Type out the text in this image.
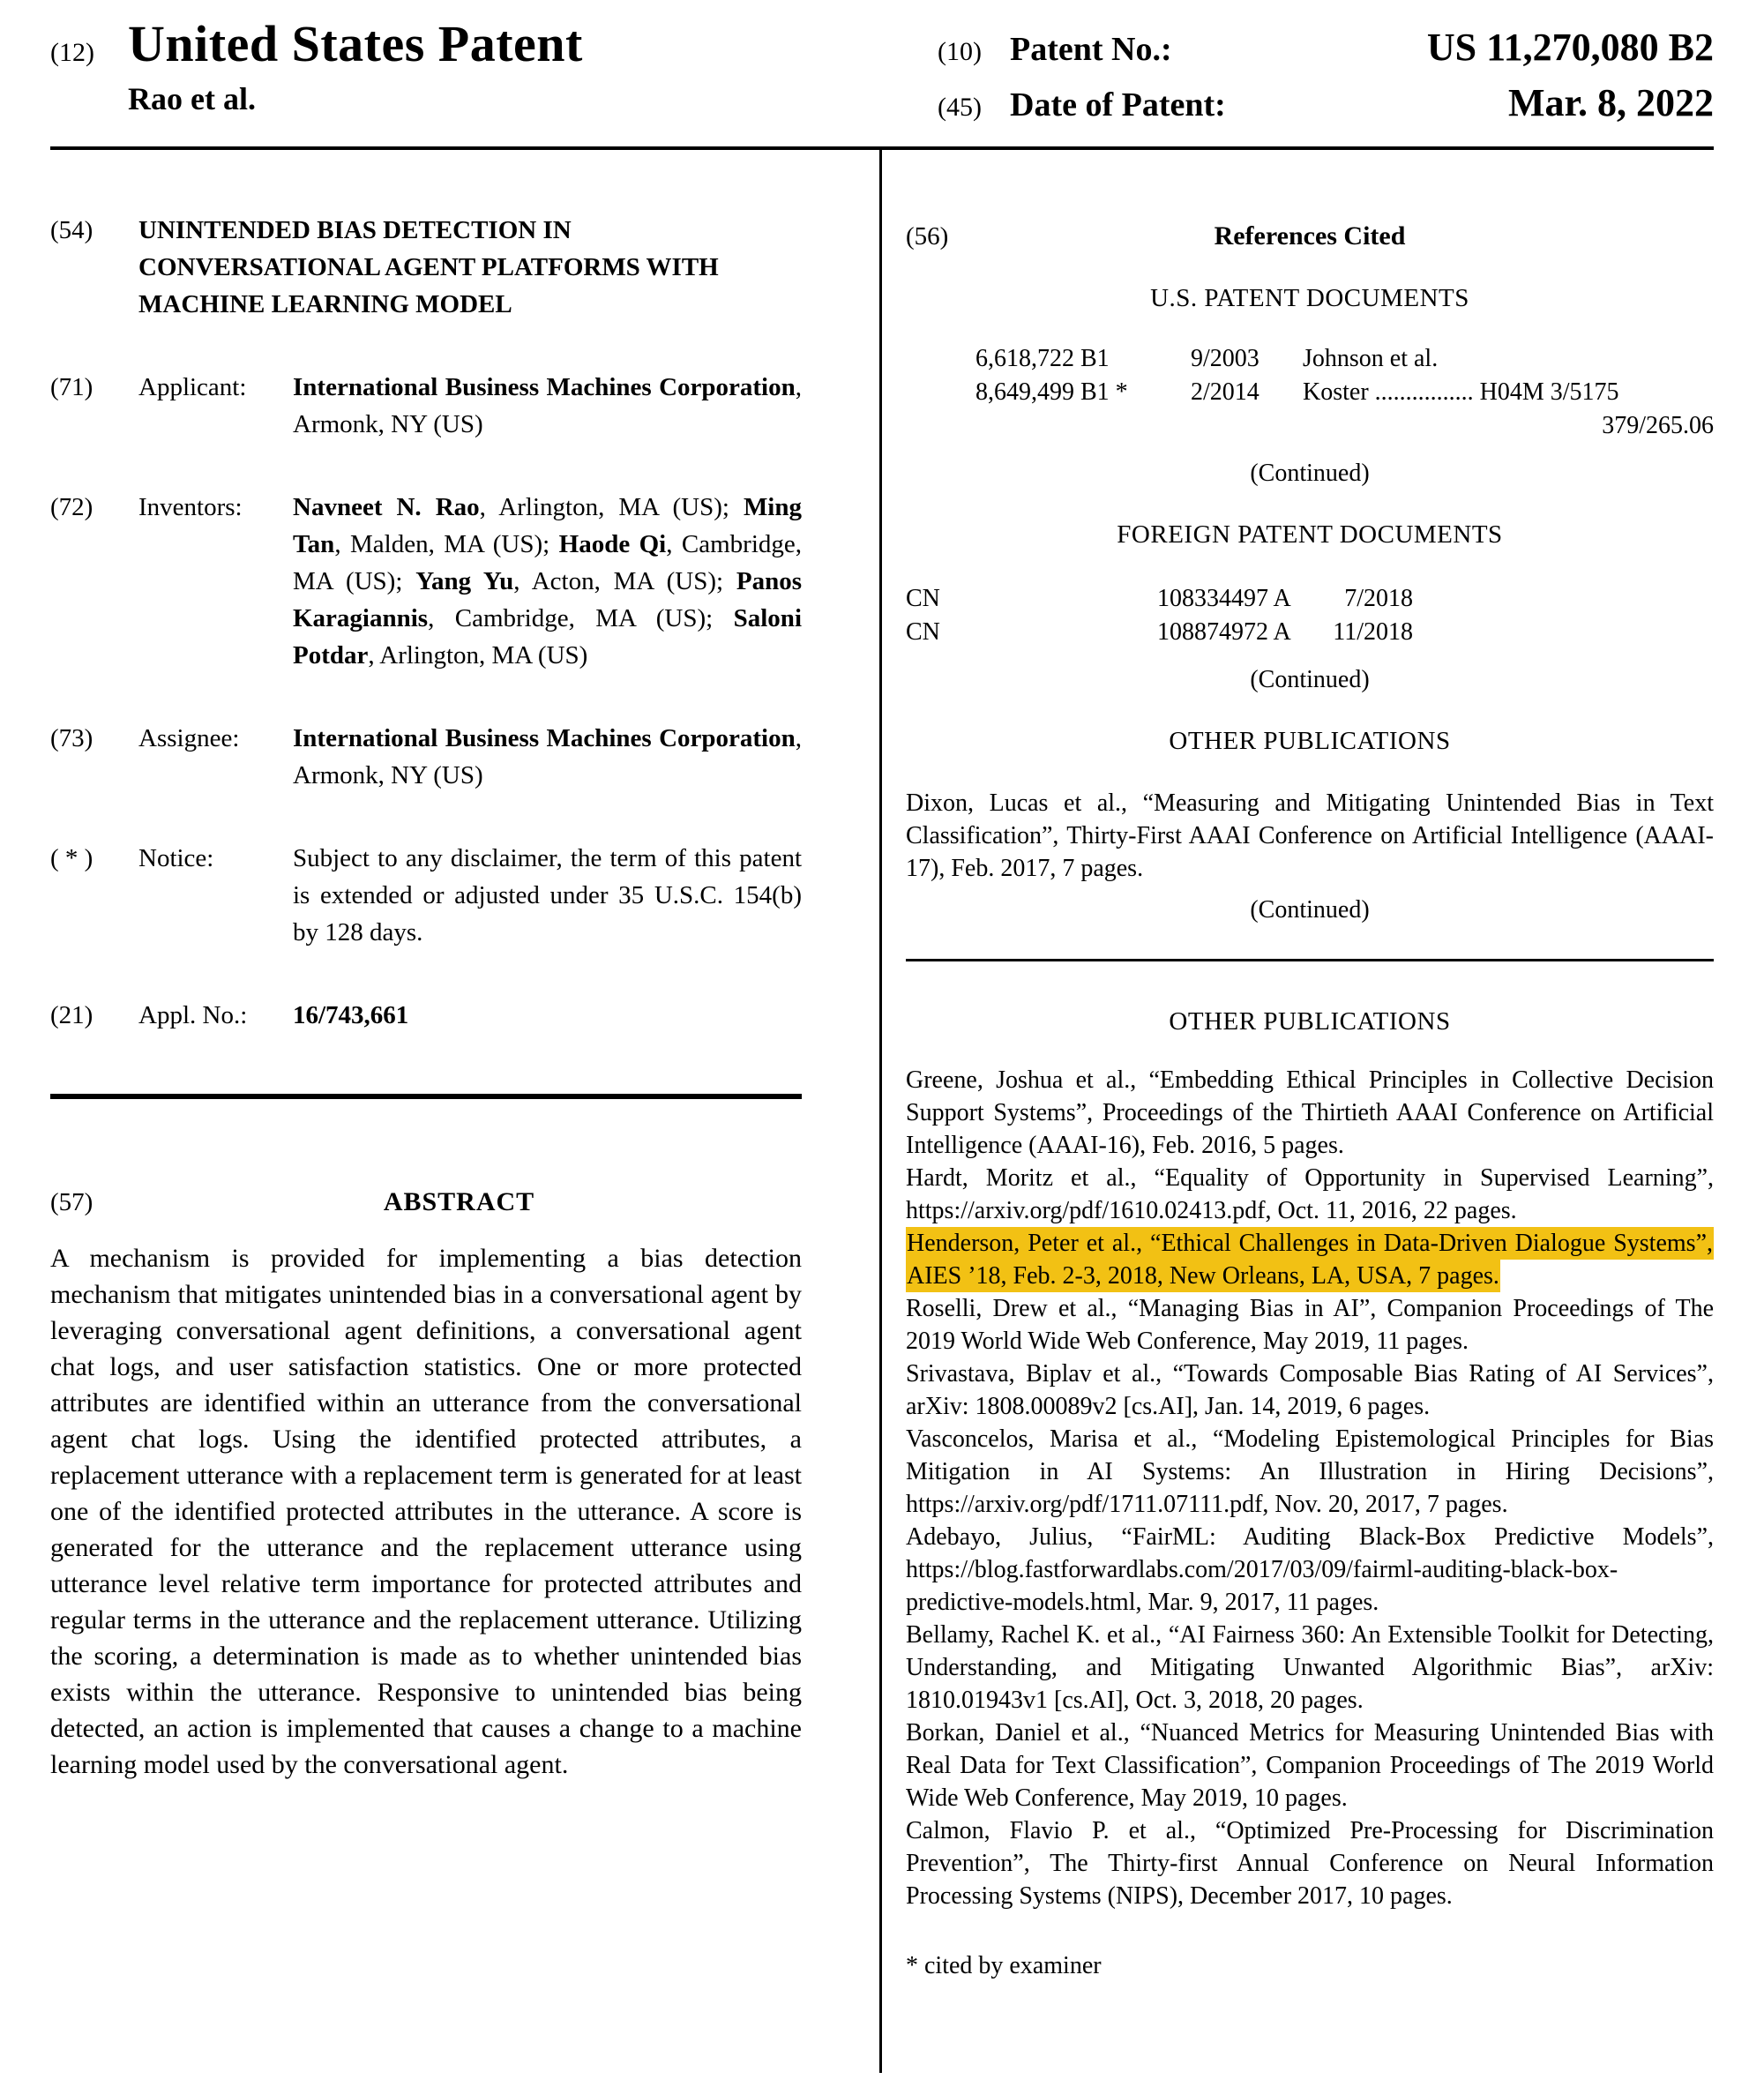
(12) United States Patent
Rao et al.
(10) Patent No.:	US 11,270,080 B2
(45) Date of Patent:	Mar. 8, 2022
(54)	UNINTENDED BIAS DETECTION IN CONVERSATIONAL AGENT PLATFORMS WITH MACHINE LEARNING MODEL
(71)	Applicant:	International Business Machines Corporation, Armonk, NY (US)
(72)	Inventors:	Navneet N. Rao, Arlington, MA (US); Ming Tan, Malden, MA (US); Haode Qi, Cambridge, MA (US); Yang Yu, Acton, MA (US); Panos Karagiannis, Cambridge, MA (US); Saloni Potdar, Arlington, MA (US)
(73)	Assignee:	International Business Machines Corporation, Armonk, NY (US)
( * )	Notice:	Subject to any disclaimer, the term of this patent is extended or adjusted under 35 U.S.C. 154(b) by 128 days.
(21)	Appl. No.:	16/743,661
(57)	ABSTRACT

A mechanism is provided for implementing a bias detection mechanism that mitigates unintended bias in a conversational agent by leveraging conversational agent definitions, a conversational agent chat logs, and user satisfaction statistics. One or more protected attributes are identified within an utterance from the conversational agent chat logs. Using the identified protected attributes, a replacement utterance with a replacement term is generated for at least one of the identified protected attributes in the utterance. A score is generated for the utterance and the replacement utterance using utterance level relative term importance for protected attributes and regular terms in the utterance and the replacement utterance. Utilizing the scoring, a determination is made as to whether unintended bias exists within the utterance. Responsive to unintended bias being detected, an action is implemented that causes a change to a machine learning model used by the conversational agent.

(56)	References Cited
U.S. PATENT DOCUMENTS
6,618,722 B1	9/2003	Johnson et al.
8,649,499 B1 *	2/2014	Koster ................ H04M 3/5175
379/265.06
(Continued)
FOREIGN PATENT DOCUMENTS
CN	108334497 A	7/2018
CN	108874972 A	11/2018
(Continued)
OTHER PUBLICATIONS

Dixon, Lucas et al., “Measuring and Mitigating Unintended Bias in Text Classification”, Thirty-First AAAI Conference on Artificial Intelligence (AAAI-17), Feb. 2017, 7 pages.

(Continued)
OTHER PUBLICATIONS

Greene, Joshua et al., “Embedding Ethical Principles in Collective Decision Support Systems”, Proceedings of the Thirtieth AAAI Conference on Artificial Intelligence (AAAI-16), Feb. 2016, 5 pages.

Hardt, Moritz et al., “Equality of Opportunity in Supervised Learning”, https://arxiv.org/pdf/1610.02413.pdf, Oct. 11, 2016, 22 pages.

Henderson, Peter et al., “Ethical Challenges in Data-Driven Dialogue Systems”, AIES ’18, Feb. 2-3, 2018, New Orleans, LA, USA, 7 pages.

Roselli, Drew et al., “Managing Bias in AI”, Companion Proceedings of The 2019 World Wide Web Conference, May 2019, 11 pages.

Srivastava, Biplav et al., “Towards Composable Bias Rating of AI Services”, arXiv: 1808.00089v2 [cs.AI], Jan. 14, 2019, 6 pages.

Vasconcelos, Marisa et al., “Modeling Epistemological Principles for Bias Mitigation in AI Systems: An Illustration in Hiring Decisions”, https://arxiv.org/pdf/1711.07111.pdf, Nov. 20, 2017, 7 pages.

Adebayo, Julius, “FairML: Auditing Black-Box Predictive Models”, https://blog.fastforwardlabs.com/2017/03/09/fairml-auditing-black-box-predictive-models.html, Mar. 9, 2017, 11 pages.

Bellamy, Rachel K. et al., “AI Fairness 360: An Extensible Toolkit for Detecting, Understanding, and Mitigating Unwanted Algorithmic Bias”, arXiv: 1810.01943v1 [cs.AI], Oct. 3, 2018, 20 pages.

Borkan, Daniel et al., “Nuanced Metrics for Measuring Unintended Bias with Real Data for Text Classification”, Companion Proceedings of The 2019 World Wide Web Conference, May 2019, 10 pages.

Calmon, Flavio P. et al., “Optimized Pre-Processing for Discrimination Prevention”, The Thirty-first Annual Conference on Neural Information Processing Systems (NIPS), December 2017, 10 pages.

* cited by examiner
